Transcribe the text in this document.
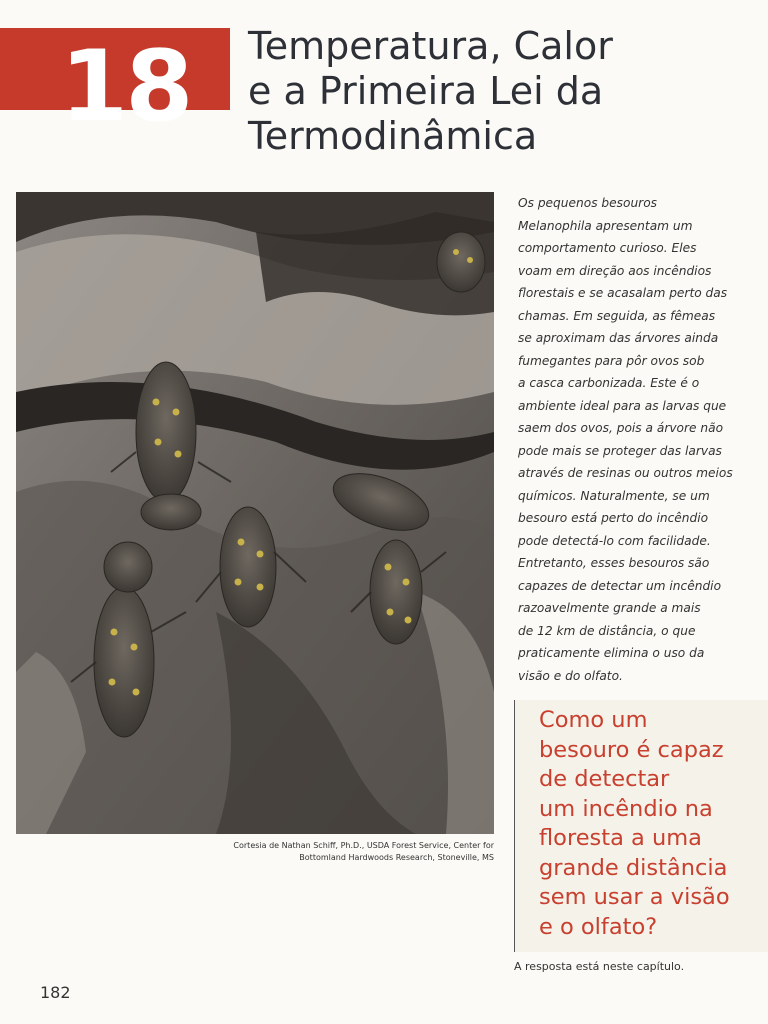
18 Temperatura, Calor
e a Primeira Lei da
Termodinâmica
Cortesia de Nathan Schiff, Ph.D., USDA Forest Service, Center for
Bottomland Hardwoods Research, Stoneville, MS
Os pequenos besouros
Melanophila apresentam um
comportamento curioso. Eles
voam em direção aos incêndios
florestais e se acasalam perto das
chamas. Em seguida, as fêmeas
se aproximam das árvores ainda
fumegantes para pôr ovos sob
a casca carbonizada. Este é o
ambiente ideal para as larvas que
saem dos ovos, pois a árvore não
pode mais se proteger das larvas
através de resinas ou outros meios
químicos. Naturalmente, se um
besouro está perto do incêndio
pode detectá-lo com facilidade.
Entretanto, esses besouros são
capazes de detectar um incêndio
razoavelmente grande a mais
de 12 km de distância, o que
praticamente elimina o uso da
visão e do olfato.
Como um
besouro é capaz
de detectar
um incêndio na
floresta a uma
grande distância
sem usar a visão
e o olfato?
A resposta está neste capítulo.
182
